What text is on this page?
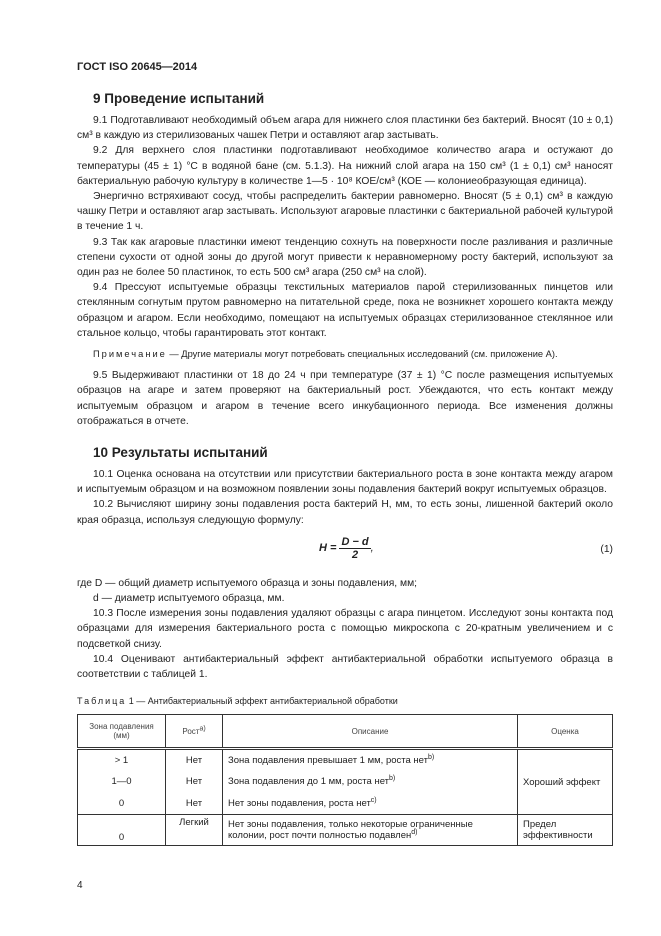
ГОСТ ISO 20645—2014
9 Проведение испытаний

9.1 Подготавливают необходимый объем агара для нижнего слоя пластинки без бактерий. Вносят (10 ± 0,1) см³ в каждую из стерилизованых чашек Петри и оставляют агар застывать.

9.2 Для верхнего слоя пластинки подготавливают необходимое количество агара и остужают до температуры (45 ± 1) °С в водяной бане (см. 5.1.3). На нижний слой агара на 150 см³ (1 ± 0,1) см³ наносят бактериальную рабочую культуру в количестве 1—5 · 10⁸ КОЕ/см³ (КОЕ — колониеобразующая единица).

Энергично встряхивают сосуд, чтобы распределить бактерии равномерно. Вносят (5 ± 0,1) см³ в каждую чашку Петри и оставляют агар застывать. Используют агаровые пластинки с бактериальной рабочей культурой в течение 1 ч.

9.3 Так как агаровые пластинки имеют тенденцию сохнуть на поверхности после разливания и различные степени сухости от одной зоны до другой могут привести к неравномерному росту бактерий, используют за один раз не более 50 пластинок, то есть 500 см³ агара (250 см³ на слой).

9.4 Прессуют испытуемые образцы текстильных материалов парой стерилизованных пинцетов или стеклянным согнутым прутом равномерно на питательной среде, пока не возникнет хорошего контакта между образцом и агаром. Если необходимо, помещают на испытуемых образцах стерилизованное стеклянное или стальное кольцо, чтобы гарантировать этот контакт.

Примечание — Другие материалы могут потребовать специальных исследований (см. приложение А).

9.5 Выдерживают пластинки от 18 до 24 ч при температуре (37 ± 1) °С после размещения испытуемых образцов на агаре и затем проверяют на бактериальный рост. Убеждаются, что есть контакт между испытуемым образцом и агаром в течение всего инкубационного периода. Все изменения должны отображаться в отчете.

10 Результаты испытаний

10.1 Оценка основана на отсутствии или присутствии бактериального роста в зоне контакта между агаром и испытуемым образцом и на возможном появлении зоны подавления бактерий вокруг испытуемых образцов.

10.2 Вычисляют ширину зоны подавления роста бактерий H, мм, то есть зоны, лишенной бактерий около края образца, используя следующую формулу:

$H = \frac{D - d}{2}$ ,	(1)

где D — общий диаметр испытуемого образца и зоны подавления, мм;

d — диаметр испытуемого образца, мм.

10.3 После измерения зоны подавления удаляют образцы с агара пинцетом. Исследуют зоны контакта под образцами для измерения бактериального роста с помощью микроскопа с 20-кратным увеличением и с подсветкой снизу.

10.4 Оценивают антибактериальный эффект антибактериальной обработки испытуемого образца в соответствии с таблицей 1.

Таблица 1 — Антибактериальный эффект антибактериальной обработки
Зона подавления (мм)	Рост$^{а)}$	Описание	Оценка
> 1	Нет	Зона подавления превышает 1 мм, роста нет$^{b)}$	Хороший эффект
1—0	Нет	Зона подавления до 1 мм, роста нет$^{b)}$
0	Нет	Нет зоны подавления, роста нет$^{c)}$
0	Легкий	Нет зоны подавления, только некоторые ограниченные колонии, рост почти полностью подавлен$^{d)}$	Предел эффективности
4
